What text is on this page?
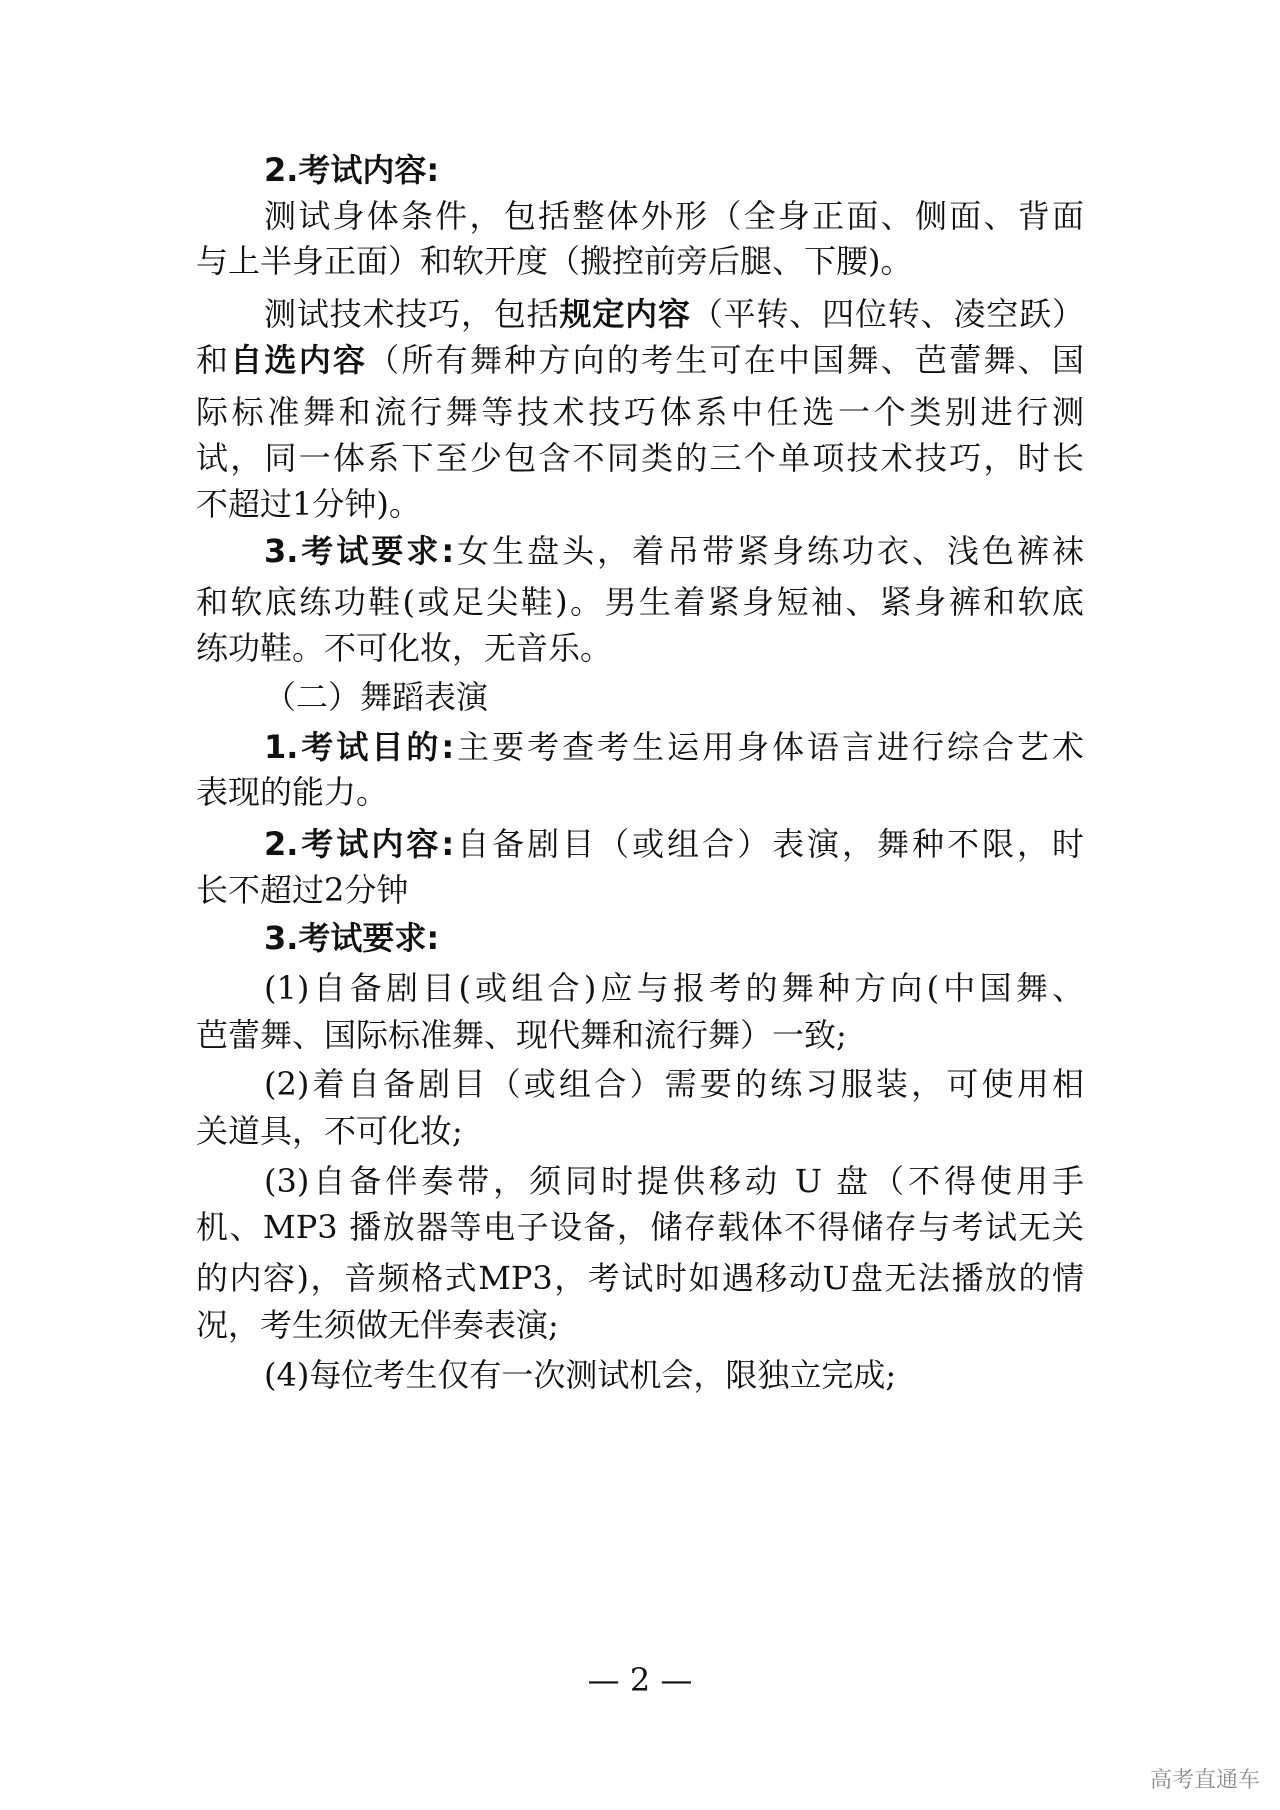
2.考试内容:
测试身体条件，包括整体外形（全身正面、侧面、背面
与上半身正面）和软开度（搬控前旁后腿、下腰)。
测试技术技巧，包括规定内容（平转、四位转、凌空跃）
和自选内容（所有舞种方向的考生可在中国舞、芭蕾舞、国
际标准舞和流行舞等技术技巧体系中任选一个类别进行测
试，同一体系下至少包含不同类的三个单项技术技巧，时长
不超过1分钟)。
3.考试要求:女生盘头，着吊带紧身练功衣、浅色裤袜
和软底练功鞋(或足尖鞋)。男生着紧身短袖、紧身裤和软底
练功鞋。不可化妆，无音乐。
（二）舞蹈表演
1.考试目的:主要考查考生运用身体语言进行综合艺术
表现的能力。
2.考试内容:自备剧目（或组合）表演，舞种不限，时
长不超过2分钟
3.考试要求:
(1)自备剧目(或组合)应与报考的舞种方向(中国舞、
芭蕾舞、国际标准舞、现代舞和流行舞）一致;
(2)着自备剧目（或组合）需要的练习服装，可使用相
关道具，不可化妆;
(3)自备伴奏带，须同时提供移动 U 盘（不得使用手
机、MP3 播放器等电子设备，储存载体不得储存与考试无关
的内容)，音频格式MP3，考试时如遇移动U盘无法播放的情
况，考生须做无伴奏表演;
(4)每位考生仅有一次测试机会，限独立完成;
— 2 —
高考直通车
